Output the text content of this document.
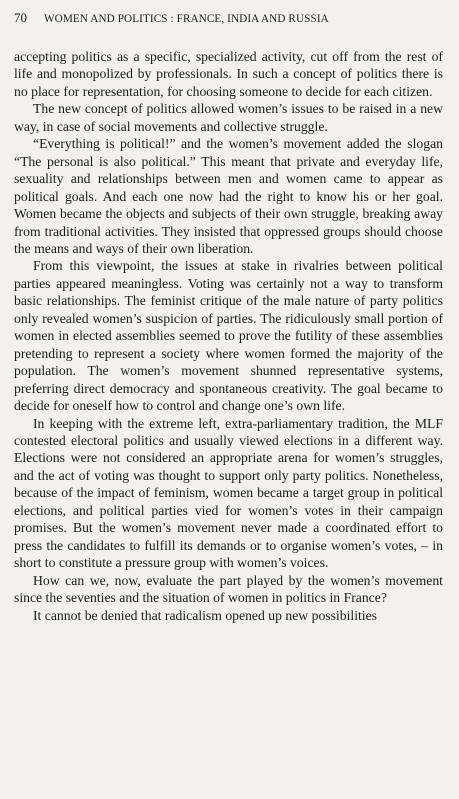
70	WOMEN AND POLITICS : FRANCE, INDIA AND RUSSIA

accepting politics as a specific, specialized activity, cut off from the rest of life and monopolized by professionals. In such a concept of politics there is no place for representation, for choosing someone to decide for each citizen.

The new concept of politics allowed women’s issues to be raised in a new way, in case of social movements and collective struggle.

“Everything is political!” and the women’s movement added the slogan “The personal is also political.” This meant that private and everyday life, sexuality and relationships between men and women came to appear as political goals. And each one now had the right to know his or her goal. Women became the objects and subjects of their own struggle, breaking away from traditional activities. They insisted that oppressed groups should choose the means and ways of their own liberation.

From this viewpoint, the issues at stake in rivalries between political parties appeared meaningless. Voting was certainly not a way to transform basic relationships. The feminist critique of the male nature of party politics only revealed women’s suspicion of parties. The ridiculously small portion of women in elected assemblies seemed to prove the futility of these assemblies pretending to represent a society where women formed the majority of the population. The women’s movement shunned representative systems, preferring direct democracy and spontaneous creativity. The goal became to decide for oneself how to control and change one’s own life.

In keeping with the extreme left, extra-parliamentary tradition, the MLF contested electoral politics and usually viewed elections in a different way. Elections were not considered an appropriate arena for women’s struggles, and the act of voting was thought to support only party politics. Nonetheless, because of the impact of feminism, women became a target group in political elections, and political parties vied for women’s votes in their campaign promises. But the women’s movement never made a coordinated effort to press the candidates to fulfill its demands or to organise women’s votes, – in short to constitute a pressure group with women’s voices.

How can we, now, evaluate the part played by the women’s movement since the seventies and the situation of women in politics in France?

It cannot be denied that radicalism opened up new possibilities
